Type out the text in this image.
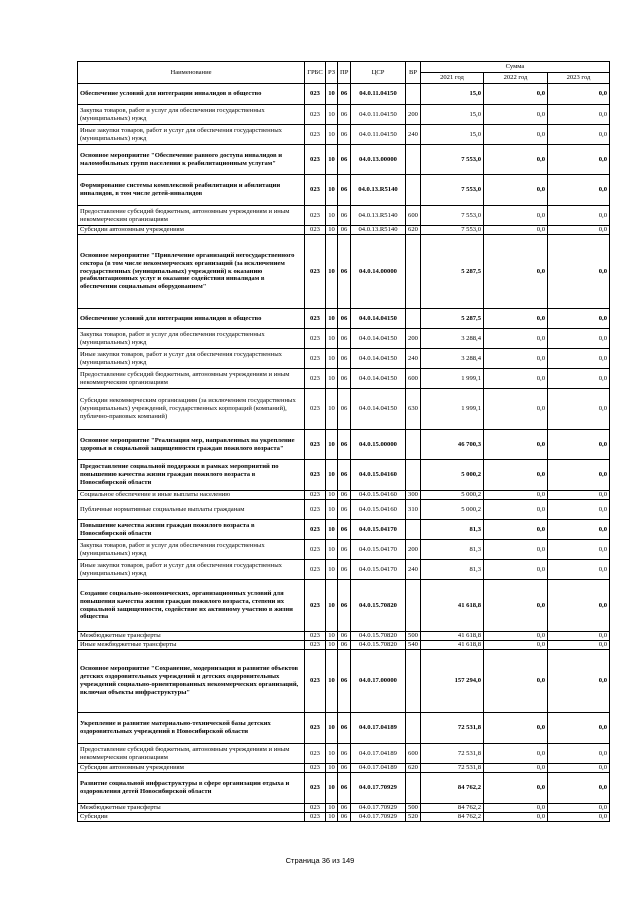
Наименование	ГРБС	РЗ	ПР	ЦСР	ВР	Сумма		
						2021 год	2022 год	2023 год
Обеспечение условий для интеграции инвалидов в общество	023	10	06	04.0.11.04150		15,0	0,0	0,0
Закупка товаров, работ и услуг для обеспечения государственных (муниципальных) нужд	023	10	06	04.0.11.04150	200	15,0	0,0	0,0
Иные закупки товаров, работ и услуг для обеспечения государственных (муниципальных) нужд	023	10	06	04.0.11.04150	240	15,0	0,0	0,0
Основное мероприятие "Обеспечение равного доступа инвалидов и маломобильных групп населения к реабилитационным услугам"	023	10	06	04.0.13.00000		7 553,0	0,0	0,0
Формирование системы комплексной реабилитации и абилитации инвалидов, в том числе детей-инвалидов	023	10	06	04.0.13.R5140		7 553,0	0,0	0,0
Предоставление субсидий бюджетным, автономным учреждениям и иным некоммерческим организациям	023	10	06	04.0.13.R5140	600	7 553,0	0,0	0,0
Субсидии автономным учреждениям	023	10	06	04.0.13.R5140	620	7 553,0	0,0	0,0
Основное мероприятие "Привлечение организаций негосударственного сектора (в том числе некоммерческих организаций (за исключением государственных (муниципальных) учреждений) к оказанию реабилитационных услуг и оказание содействия инвалидам в обеспечении социальным оборудованием"	023	10	06	04.0.14.00000		5 287,5	0,0	0,0
Обеспечение условий для интеграции инвалидов в общество	023	10	06	04.0.14.04150		5 287,5	0,0	0,0
Закупка товаров, работ и услуг для обеспечения государственных (муниципальных) нужд	023	10	06	04.0.14.04150	200	3 288,4	0,0	0,0
Иные закупки товаров, работ и услуг для обеспечения государственных (муниципальных) нужд	023	10	06	04.0.14.04150	240	3 288,4	0,0	0,0
Предоставление субсидий бюджетным, автономным учреждениям и иным некоммерческим организациям	023	10	06	04.0.14.04150	600	1 999,1	0,0	0,0
Субсидии некоммерческим организациям (за исключением государственных (муниципальных) учреждений, государственных корпораций (компаний), публично-правовых компаний)	023	10	06	04.0.14.04150	630	1 999,1	0,0	0,0
Основное мероприятие "Реализация мер, направленных на укрепление здоровья и социальной защищенности граждан пожилого возраста"	023	10	06	04.0.15.00000		46 700,3	0,0	0,0
Предоставление социальной поддержки в рамках мероприятий по повышению качества жизни граждан пожилого возраста в Новосибирской области	023	10	06	04.0.15.04160		5 000,2	0,0	0,0
Социальное обеспечение и иные выплаты населению	023	10	06	04.0.15.04160	300	5 000,2	0,0	0,0
Публичные нормативные социальные выплаты гражданам	023	10	06	04.0.15.04160	310	5 000,2	0,0	0,0
Повышение качества жизни граждан пожилого возраста в Новосибирской области	023	10	06	04.0.15.04170		81,3	0,0	0,0
Закупка товаров, работ и услуг для обеспечения государственных (муниципальных) нужд	023	10	06	04.0.15.04170	200	81,3	0,0	0,0
Иные закупки товаров, работ и услуг для обеспечения государственных (муниципальных) нужд	023	10	06	04.0.15.04170	240	81,3	0,0	0,0
Создание социально-экономических, организационных условий для повышения качества жизни граждан пожилого возраста, степени их социальной защищенности, содействие их активному участию в жизни общества	023	10	06	04.0.15.70820		41 618,8	0,0	0,0
Межбюджетные трансферты	023	10	06	04.0.15.70820	500	41 618,8	0,0	0,0
Иные межбюджетные трансферты	023	10	06	04.0.15.70820	540	41 618,8	0,0	0,0
Основное мероприятие "Сохранение, модернизация и развитие объектов детских оздоровительных учреждений и детских оздоровительных учреждений социально-ориентированных некоммерческих организаций, включая объекты инфраструктуры"	023	10	06	04.0.17.00000		157 294,0	0,0	0,0
Укрепление и развитие материально-технической базы детских оздоровительных учреждений в Новосибирской области	023	10	06	04.0.17.04189		72 531,8	0,0	0,0
Предоставление субсидий бюджетным, автономным учреждениям и иным некоммерческим организациям	023	10	06	04.0.17.04189	600	72 531,8	0,0	0,0
Субсидии автономным учреждениям	023	10	06	04.0.17.04189	620	72 531,8	0,0	0,0
Развитие социальной инфраструктуры в сфере организации отдыха и оздоровления детей Новосибирской области	023	10	06	04.0.17.70929		84 762,2	0,0	0,0
Межбюджетные трансферты	023	10	06	04.0.17.70929	500	84 762,2	0,0	0,0
Субсидии	023	10	06	04.0.17.70929	520	84 762,2	0,0	0,0
Страница 36 из 149
